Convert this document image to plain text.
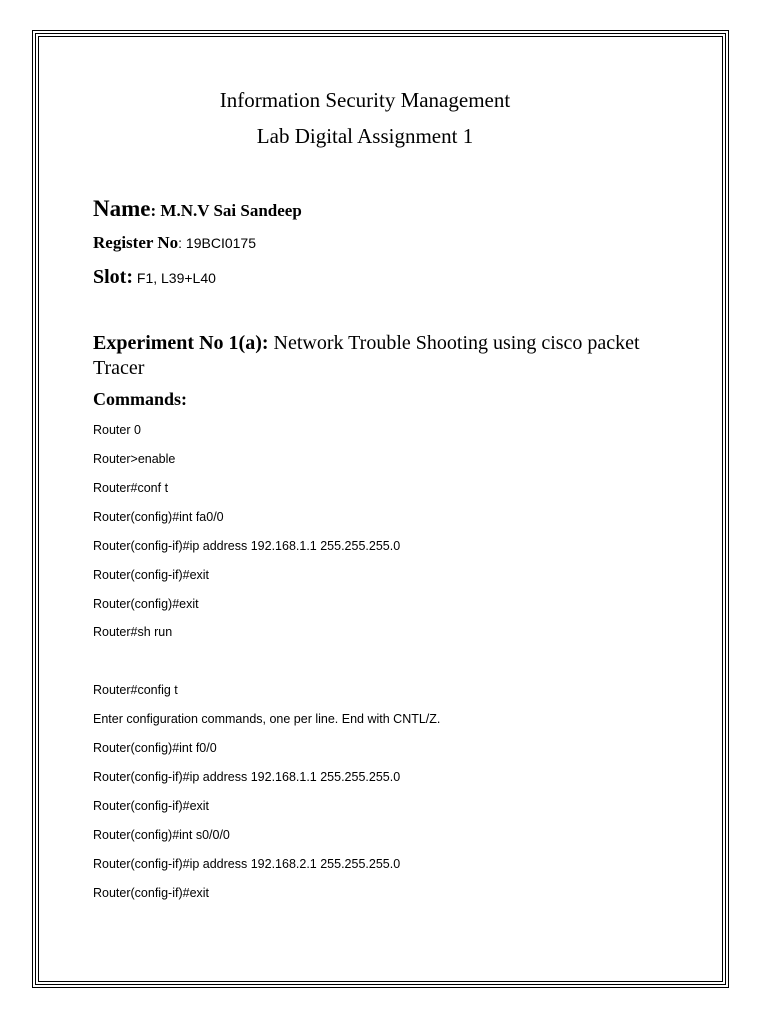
Information Security Management
Lab Digital Assignment 1
Name: M.N.V Sai Sandeep
Register No: 19BCI0175
Slot: F1, L39+L40
Experiment No 1(a): Network Trouble Shooting using cisco packet Tracer
Commands:
Router 0
Router>enable
Router#conf t
Router(config)#int fa0/0
Router(config-if)#ip address 192.168.1.1 255.255.255.0
Router(config-if)#exit
Router(config)#exit
Router#sh run
Router#config t
Enter configuration commands, one per line. End with CNTL/Z.
Router(config)#int f0/0
Router(config-if)#ip address 192.168.1.1 255.255.255.0
Router(config-if)#exit
Router(config)#int s0/0/0
Router(config-if)#ip address 192.168.2.1 255.255.255.0
Router(config-if)#exit
